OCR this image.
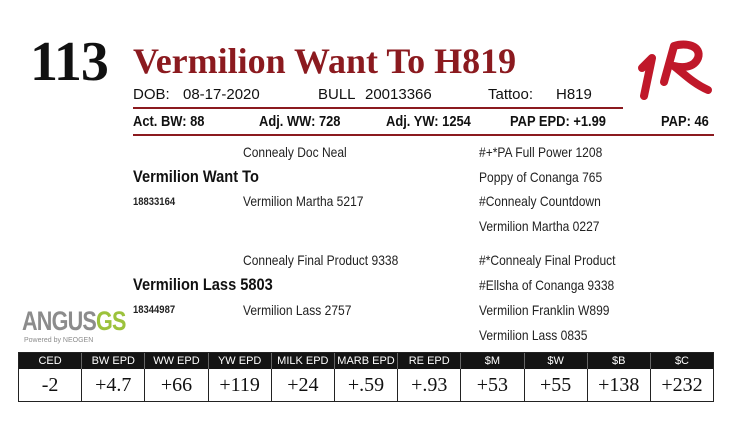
113 Vermilion Want To H819
DOB: 08-17-2020	BULL 20013366	Tattoo: H819
Act. BW: 88	Adj. WW: 728	Adj. YW: 1254	PAP EPD: +1.99	PAP: 46
Connealy Doc Neal
Vermilion Want To
18833164	Vermilion Martha 5217
#+*PA Full Power 1208
Poppy of Conanga 765
#Connealy Countdown
Vermilion Martha 0227
Connealy Final Product 9338
Vermilion Lass 5803
18344987	Vermilion Lass 2757
#*Connealy Final Product
#Ellsha of Conanga 9338
Vermilion Franklin W899
Vermilion Lass 0835
ANGUSGS
Powered by NEOGEN
CED	BW EPD	WW EPD	YW EPD	MILK EPD MARB EPD	RE EPD	$M	$W	$B	$C
-2	+4.7	+66	+119	+24	+.59	+.93	+53	+55	+138	+232
